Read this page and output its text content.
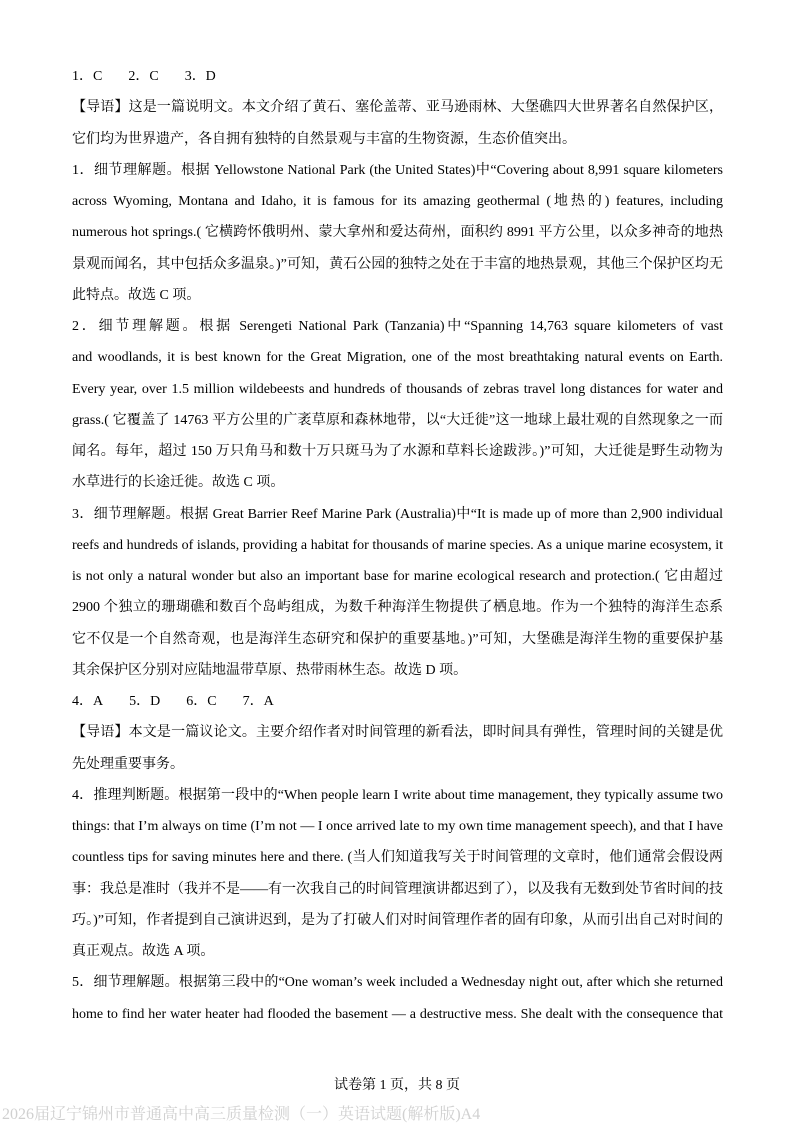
1．C 2．C 3．D
【导语】这是一篇说明文。本文介绍了黄石、塞伦盖蒂、亚马逊雨林、大堡礁四大世界著名自然保护区，
它们均为世界遗产，各自拥有独特的自然景观与丰富的生物资源，生态价值突出。
1．细节理解题。根据 Yellowstone National Park (the United States)中“Covering about 8,991 square kilometers
across Wyoming, Montana and Idaho, it is famous for its amazing geothermal (地热的) features, including
numerous hot springs.( 它横跨怀俄明州、蒙大拿州和爱达荷州，面积约 8991 平方公里，以众多神奇的地热
景观而闻名，其中包括众多温泉。)”可知，黄石公园的独特之处在于丰富的地热景观，其他三个保护区均无
此特点。故选 C 项。
2．细节理解题。根据 Serengeti National Park (Tanzania)中“Spanning 14,763 square kilometers of vast
and woodlands, it is best known for the Great Migration, one of the most breathtaking natural events on Earth.
Every year, over 1.5 million wildebeests and hundreds of thousands of zebras travel long distances for water and
grass.( 它覆盖了 14763 平方公里的广袤草原和森林地带，以“大迁徙”这一地球上最壮观的自然现象之一而
闻名。每年，超过 150 万只角马和数十万只斑马为了水源和草料长途跋涉。)”可知，大迁徙是野生动物为
水草进行的长途迁徙。故选 C 项。
3．细节理解题。根据 Great Barrier Reef Marine Park (Australia)中“It is made up of more than 2,900 individual
reefs and hundreds of islands, providing a habitat for thousands of marine species. As a unique marine ecosystem, it
is not only a natural wonder but also an important base for marine ecological research and protection.( 它由超过
2900 个独立的珊瑚礁和数百个岛屿组成，为数千种海洋生物提供了栖息地。作为一个独特的海洋生态系
它不仅是一个自然奇观，也是海洋生态研究和保护的重要基地。)”可知，大堡礁是海洋生物的重要保护基
其余保护区分别对应陆地温带草原、热带雨林生态。故选 D 项。
4．A 5．D 6．C 7．A
【导语】本文是一篇议论文。主要介绍作者对时间管理的新看法，即时间具有弹性，管理时间的关键是优
先处理重要事务。
4．推理判断题。根据第一段中的“When people learn I write about time management, they typically assume two
things: that I’m always on time (I’m not — I once arrived late to my own time management speech), and that I have
countless tips for saving minutes here and there. (当人们知道我写关于时间管理的文章时，他们通常会假设两
事：我总是准时（我并不是——有一次我自己的时间管理演讲都迟到了），以及我有无数到处节省时间的技
巧。)”可知，作者提到自己演讲迟到，是为了打破人们对时间管理作者的固有印象，从而引出自己对时间的
真正观点。故选 A 项。
5．细节理解题。根据第三段中的“One woman’s week included a Wednesday night out, after which she returned
home to find her water heater had flooded the basement — a destructive mess. She dealt with the consequence that
试卷第 1 页，共 8 页
2026届辽宁锦州市普通高中高三质量检测（一）英语试题(解析版)A4
